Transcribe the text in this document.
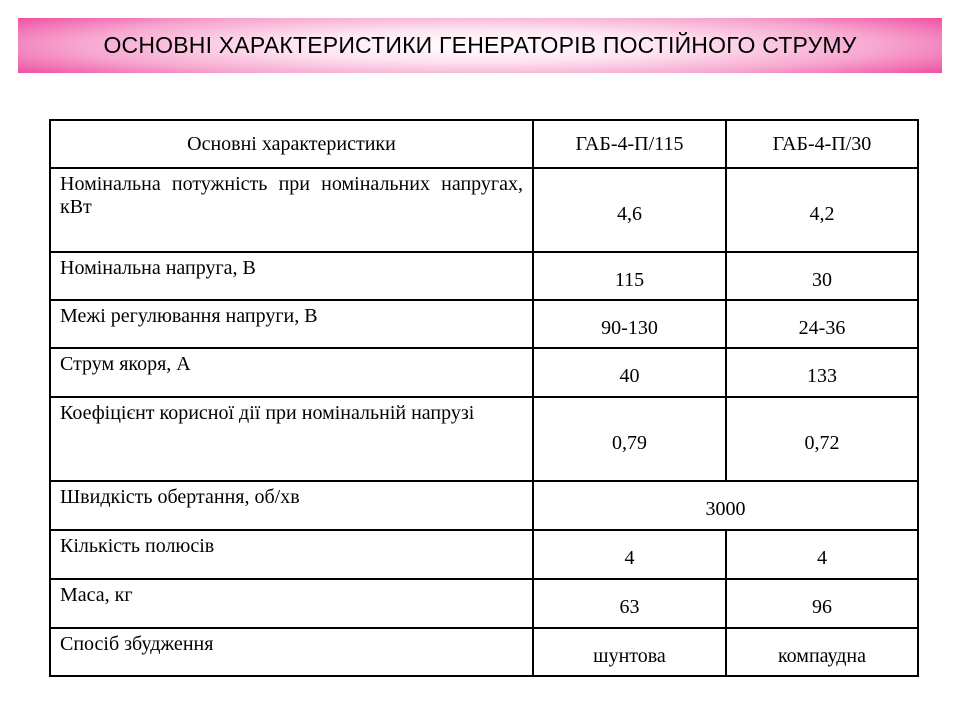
ОСНОВНІ ХАРАКТЕРИСТИКИ ГЕНЕРАТОРІВ ПОСТІЙНОГО СТРУМУ
Основні характеристики	ГАБ-4-П/115	ГАБ-4-П/30
Номінальна потужність при номінальних напругах, кВт	4,6	4,2
Номінальна напруга, В	115	30
Межі регулювання напруги, В	90-130	24-36
Струм якоря, А	40	133
Коефіцієнт корисної дії при номінальній напрузі	0,79	0,72
Швидкість обертання, об/хв	3000	
Кількість полюсів	4	4
Маса, кг	63	96
Спосіб збудження	шунтова	компаудна
